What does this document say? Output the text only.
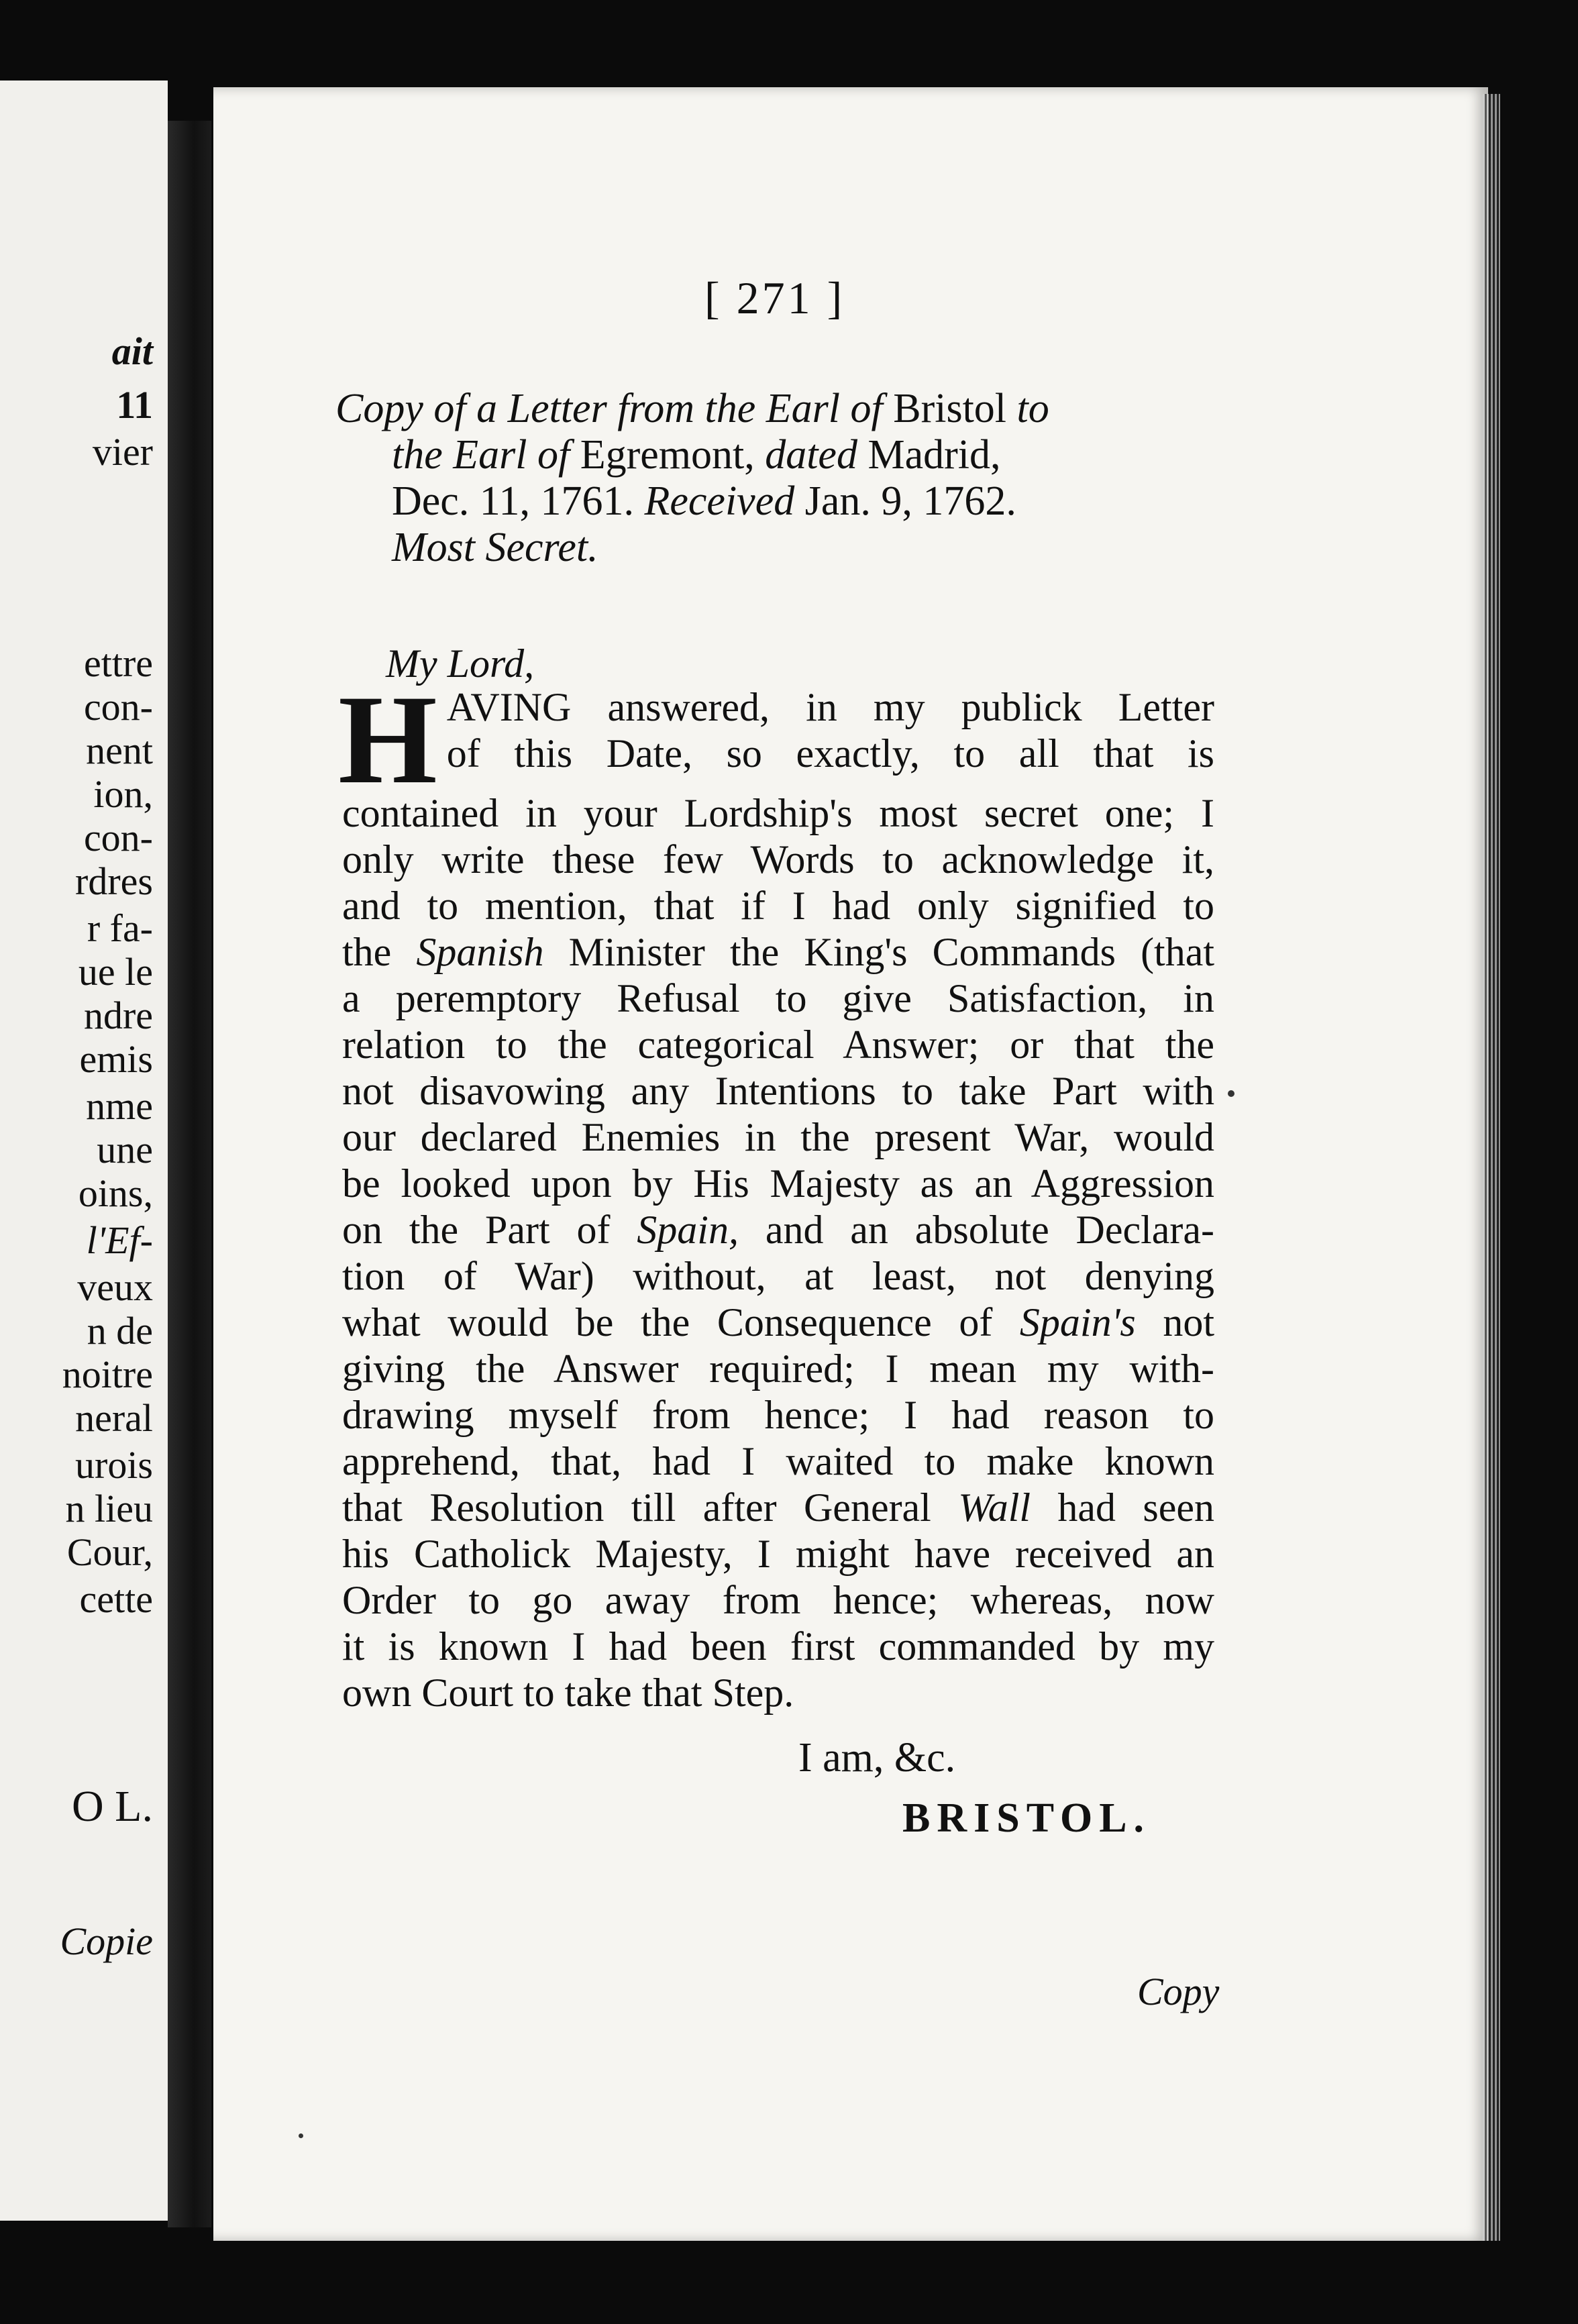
ait
11
vier
ettre
con-
nent
ion,
con-
rdres
r fa-
ue le
ndre
emis
nme
une
oins,
l'Ef-
veux
n de
noitre
neral
urois
n lieu
Cour,
cette
O L.
Copie
[ 271 ]
Copy of a Letter from the Earl of Bristol to
the Earl of Egremont, dated Madrid,
Dec. 11, 1761. Received Jan. 9, 1762.
Most Secret.
My Lord,
H AVING answered, in my publick Letter
of this Date, so exactly, to all that is
contained in your Lordship's most secret one; I
only write these few Words to acknowledge it,
and to mention, that if I had only signified to
the Spanish Minister the King's Commands (that
a peremptory Refusal to give Satisfaction, in
relation to the categorical Answer; or that the
not disavowing any Intentions to take Part with
our declared Enemies in the present War, would
be looked upon by His Majesty as an Aggression
on the Part of Spain, and an absolute Declara-
tion of War) without, at least, not denying
what would be the Consequence of Spain's not
giving the Answer required; I mean my with-
drawing myself from hence; I had reason to
apprehend, that, had I waited to make known
that Resolution till after General Wall had seen
his Catholick Majesty, I might have received an
Order to go away from hence; whereas, now
it is known I had been first commanded by my
own Court to take that Step.
I am, &c.
BRISTOL.
Copy
